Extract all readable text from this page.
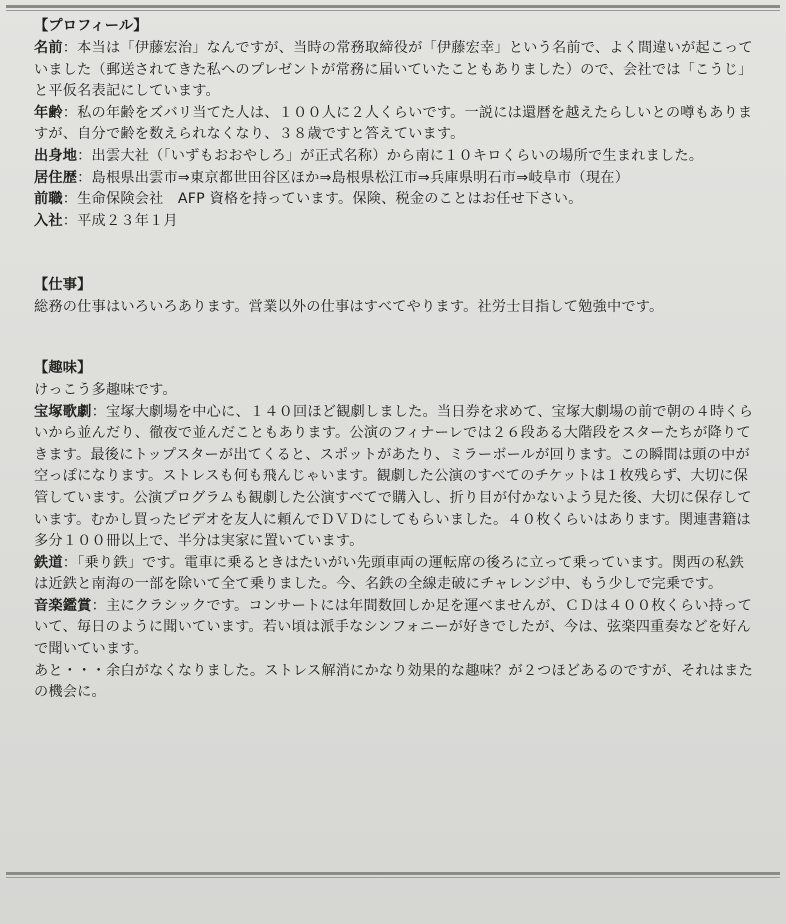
【プロフィール】

名前：本当は「伊藤宏治」なんですが、当時の常務取締役が「伊藤宏幸」という名前で、よく間違いが起こっていました（郵送されてきた私へのプレゼントが常務に届いていたこともありました）ので、会社では「こうじ」と平仮名表記にしています。

年齢：私の年齢をズバリ当てた人は、１００人に２人くらいです。一説には還暦を越えたらしいとの噂もありますが、自分で齢を数えられなくなり、３８歳ですと答えています。

出身地：出雲大社（「いずもおおやしろ」が正式名称）から南に１０キロくらいの場所で生まれました。

居住歴：島根県出雲市⇒東京都世田谷区ほか⇒島根県松江市⇒兵庫県明石市⇒岐阜市（現在）

前職：生命保険会社　AFP 資格を持っています。保険、税金のことはお任せ下さい。

入社：平成２３年１月

【仕事】

総務の仕事はいろいろあります。営業以外の仕事はすべてやります。社労士目指して勉強中です。

【趣味】

けっこう多趣味です。

宝塚歌劇：宝塚大劇場を中心に、１４０回ほど観劇しました。当日券を求めて、宝塚大劇場の前で朝の４時くらいから並んだり、徹夜で並んだこともあります。公演のフィナーレでは２６段ある大階段をスターたちが降りてきます。最後にトップスターが出てくると、スポットがあたり、ミラーボールが回ります。この瞬間は頭の中が空っぽになります。ストレスも何も飛んじゃいます。観劇した公演のすべてのチケットは１枚残らず、大切に保管しています。公演プログラムも観劇した公演すべてで購入し、折り目が付かないよう見た後、大切に保存しています。むかし買ったビデオを友人に頼んでＤＶＤにしてもらいました。４０枚くらいはあります。関連書籍は多分１００冊以上で、半分は実家に置いています。

鉄道：「乗り鉄」です。電車に乗るときはたいがい先頭車両の運転席の後ろに立って乗っています。関西の私鉄は近鉄と南海の一部を除いて全て乗りました。今、名鉄の全線走破にチャレンジ中、もう少しで完乗です。

音楽鑑賞：主にクラシックです。コンサートには年間数回しか足を運べませんが、ＣＤは４００枚くらい持っていて、毎日のように聞いています。若い頃は派手なシンフォニーが好きでしたが、今は、弦楽四重奏などを好んで聞いています。

あと・・・余白がなくなりました。ストレス解消にかなり効果的な趣味？が２つほどあるのですが、それはまたの機会に。
